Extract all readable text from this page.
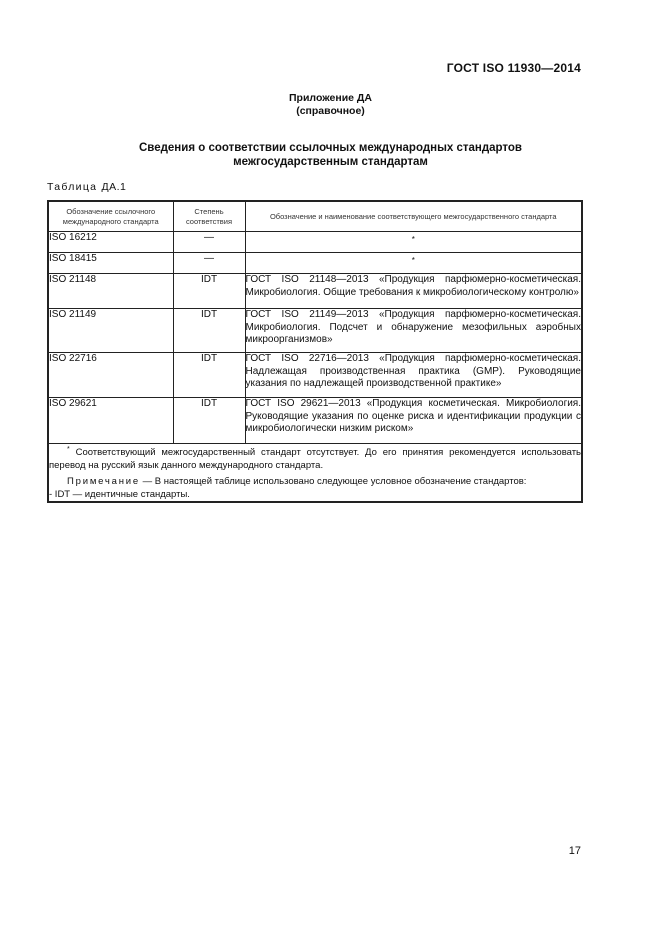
ГОСТ ISO 11930—2014
Приложение ДА
(справочное)
Сведения о соответствии ссылочных международных стандартов
межгосударственным стандартам
Таблица ДА.1
Обозначение ссылочного международного стандарта	Степень соответствия	Обозначение и наименование соответствующего межгосударственного стандарта
ISO 16212	—	*
ISO 18415	—	*
ISO 21148	IDT	ГОСТ ISO 21148—2013 «Продукция парфюмерно-косметическая. Микробиология. Общие требования к микробиологическому контролю»
ISO 21149	IDT	ГОСТ ISO 21149—2013 «Продукция парфюмерно-косметическая. Микробиология. Подсчет и обнаружение мезофильных аэробных микроорганизмов»
ISO 22716	IDT	ГОСТ ISO 22716—2013 «Продукция парфюмерно-косметическая. Надлежащая производственная практика (GMP). Руководящие указания по надлежащей производственной практике»
ISO 29621	IDT	ГОСТ ISO 29621—2013 «Продукция косметическая. Микробиология. Руководящие указания по оценке риска и идентификации продукции с микробиологически низким риском»

* Соответствующий межгосударственный стандарт отсутствует. До его принятия рекомендуется использовать перевод на русский язык данного международного стандарта.

Примечание — В настоящей таблице использовано следующее условное обозначение стандартов:

- IDT — идентичные стандарты.		

17
